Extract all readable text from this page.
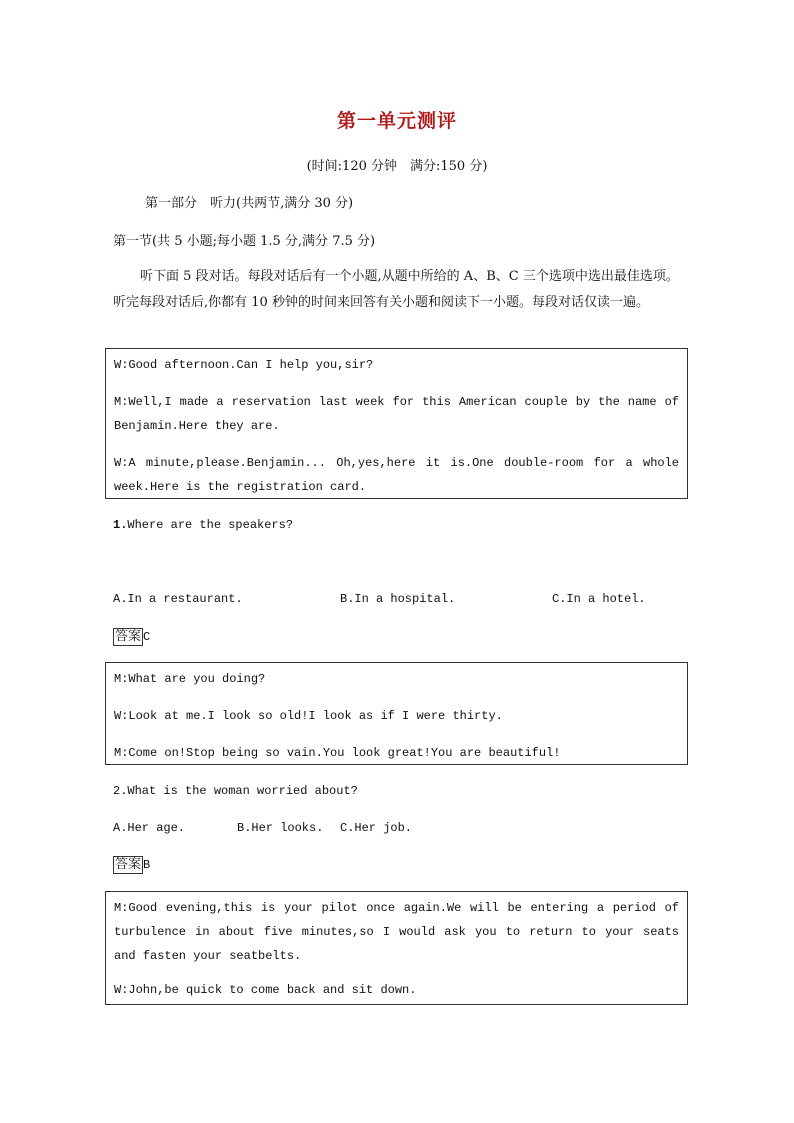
第一单元测评
(时间:120 分钟　满分:150 分)
第一部分　听力(共两节,满分 30 分)
第一节(共 5 小题;每小题 1.5 分,满分 7.5 分)
听下面 5 段对话。每段对话后有一个小题,从题中所给的 A、B、C 三个选项中选出最佳选项。听完每段对话后,你都有 10 秒钟的时间来回答有关小题和阅读下一小题。每段对话仅读一遍。

W:Good afternoon.Can I help you,sir?

M:Well,I made a reservation last week for this American couple by the name of Benjamin.Here they are.

W:A minute,please.Benjamin... Oh,yes,here it is.One double-room for a whole week.Here is the registration card.

1.Where are the speakers?
A.In a restaurant.	B.In a hospital.	C.In a hotel.
答案 C

M:What are you doing?

W:Look at me.I look so old!I look as if I were thirty.

M:Come on!Stop being so vain.You look great!You are beautiful!

2.What is the woman worried about?
A.Her age.	B.Her looks. C.Her job.
答案 B

M:Good evening,this is your pilot once again.We will be entering a period of turbulence in about five minutes,so I would ask you to return to your seats and fasten your seatbelts.

W:John,be quick to come back and sit down.
